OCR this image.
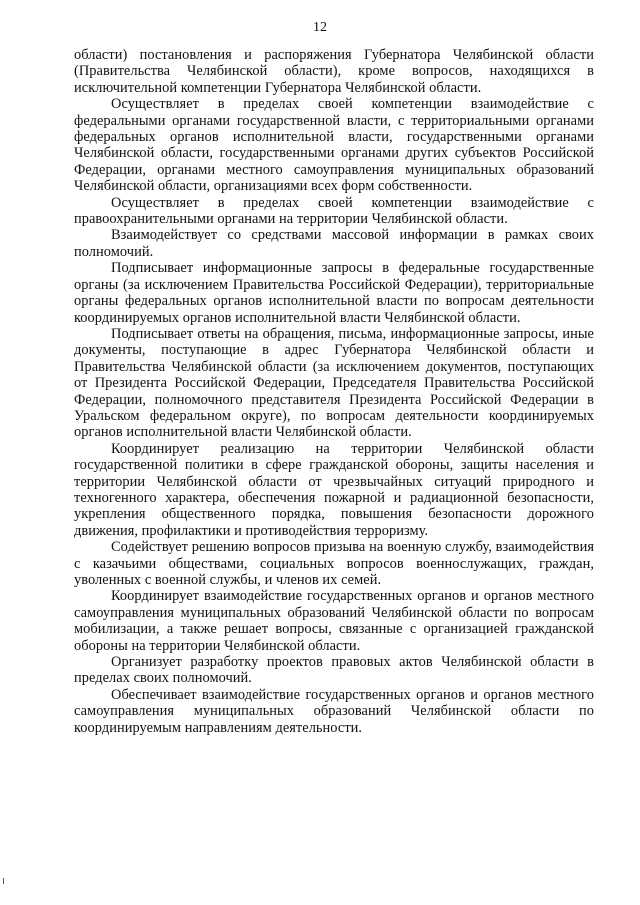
12

области) постановления и распоряжения Губернатора Челябинской области (Правительства Челябинской области), кроме вопросов, находящихся в исключительной компетенции Губернатора Челябинской области.

Осуществляет в пределах своей компетенции взаимодействие с федеральными органами государственной власти, с территориальными органами федеральных органов исполнительной власти, государственными органами Челябинской области, государственными органами других субъектов Российской Федерации, органами местного самоуправления муниципальных образований Челябинской области, организациями всех форм собственности.

Осуществляет в пределах своей компетенции взаимодействие с правоохранительными органами на территории Челябинской области.

Взаимодействует со средствами массовой информации в рамках своих полномочий.

Подписывает информационные запросы в федеральные государственные органы (за исключением Правительства Российской Федерации), территориальные органы федеральных органов исполнительной власти по вопросам деятельности координируемых органов исполнительной власти Челябинской области.

Подписывает ответы на обращения, письма, информационные запросы, иные документы, поступающие в адрес Губернатора Челябинской области и Правительства Челябинской области (за исключением документов, поступающих от Президента Российской Федерации, Председателя Правительства Российской Федерации, полномочного представителя Президента Российской Федерации в Уральском федеральном округе), по вопросам деятельности координируемых органов исполнительной власти Челябинской области.

Координирует реализацию на территории Челябинской области государственной политики в сфере гражданской обороны, защиты населения и территории Челябинской области от чрезвычайных ситуаций природного и техногенного характера, обеспечения пожарной и радиационной безопасности, укрепления общественного порядка, повышения безопасности дорожного движения, профилактики и противодействия терроризму.

Содействует решению вопросов призыва на военную службу, взаимодействия с казачьими обществами, социальных вопросов военнослужащих, граждан, уволенных с военной службы, и членов их семей.

Координирует взаимодействие государственных органов и органов местного самоуправления муниципальных образований Челябинской области по вопросам мобилизации, а также решает вопросы, связанные с организацией гражданской обороны на территории Челябинской области.

Организует разработку проектов правовых актов Челябинской области в пределах своих полномочий.

Обеспечивает взаимодействие государственных органов и органов местного самоуправления муниципальных образований Челябинской области по координируемым направлениям деятельности.
